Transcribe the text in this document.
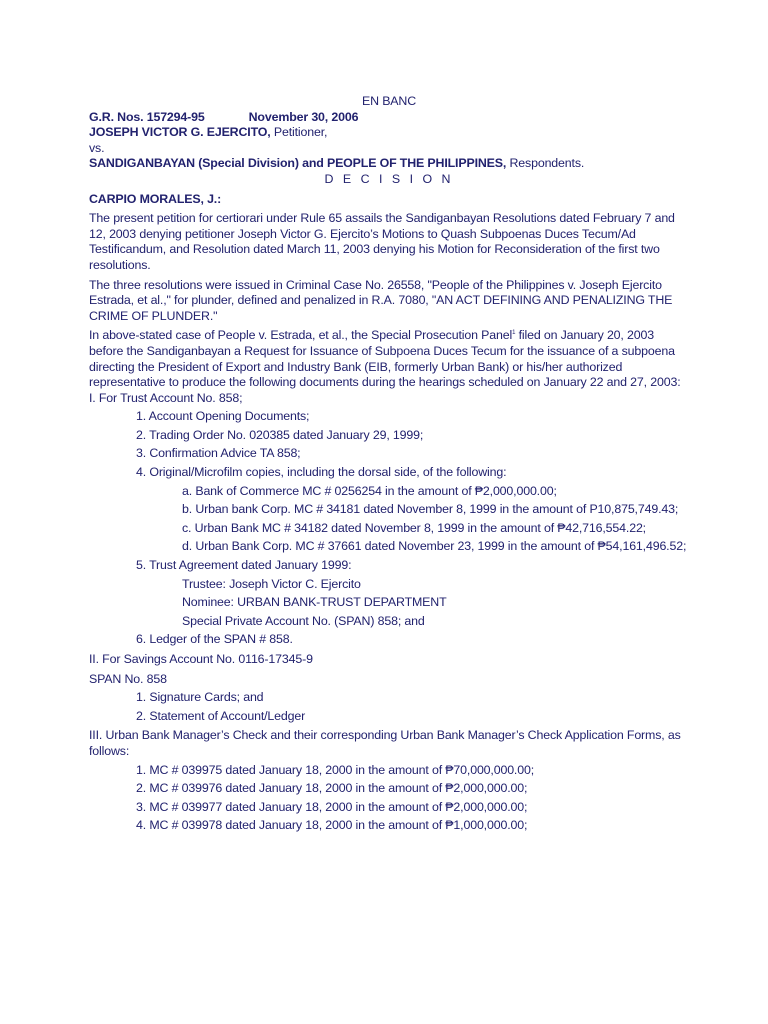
EN BANC
G.R. Nos. 157294-95	November 30, 2006
JOSEPH VICTOR G. EJERCITO, Petitioner,
vs.
SANDIGANBAYAN (Special Division) and PEOPLE OF THE PHILIPPINES, Respondents.
D E C I S I O N
CARPIO MORALES, J.:
The present petition for certiorari under Rule 65 assails the Sandiganbayan Resolutions dated February 7 and 12, 2003 denying petitioner Joseph Victor G. Ejercito’s Motions to Quash Subpoenas Duces Tecum/Ad Testificandum, and Resolution dated March 11, 2003 denying his Motion for Reconsideration of the first two resolutions.
The three resolutions were issued in Criminal Case No. 26558, "People of the Philippines v. Joseph Ejercito Estrada, et al.," for plunder, defined and penalized in R.A. 7080, "AN ACT DEFINING AND PENALIZING THE CRIME OF PLUNDER."
In above-stated case of People v. Estrada, et al., the Special Prosecution Panel$^1$ filed on January 20, 2003 before the Sandiganbayan a Request for Issuance of Subpoena Duces Tecum for the issuance of a subpoena directing the President of Export and Industry Bank (EIB, formerly Urban Bank) or his/her authorized representative to produce the following documents during the hearings scheduled on January 22 and 27, 2003:
I. For Trust Account No. 858;
1. Account Opening Documents;
2. Trading Order No. 020385 dated January 29, 1999;
3. Confirmation Advice TA 858;
4. Original/Microfilm copies, including the dorsal side, of the following:
a. Bank of Commerce MC # 0256254 in the amount of ₱2,000,000.00;
b. Urban bank Corp. MC # 34181 dated November 8, 1999 in the amount of P10,875,749.43;
c. Urban Bank MC # 34182 dated November 8, 1999 in the amount of ₱42,716,554.22;
d. Urban Bank Corp. MC # 37661 dated November 23, 1999 in the amount of ₱54,161,496.52;
5. Trust Agreement dated January 1999:
Trustee: Joseph Victor C. Ejercito
Nominee: URBAN BANK-TRUST DEPARTMENT
Special Private Account No. (SPAN) 858; and
6. Ledger of the SPAN # 858.
II. For Savings Account No. 0116-17345-9
SPAN No. 858
1. Signature Cards; and
2. Statement of Account/Ledger
III. Urban Bank Manager’s Check and their corresponding Urban Bank Manager’s Check Application Forms, as follows:
1. MC # 039975 dated January 18, 2000 in the amount of ₱70,000,000.00;
2. MC # 039976 dated January 18, 2000 in the amount of ₱2,000,000.00;
3. MC # 039977 dated January 18, 2000 in the amount of ₱2,000,000.00;
4. MC # 039978 dated January 18, 2000 in the amount of ₱1,000,000.00;
